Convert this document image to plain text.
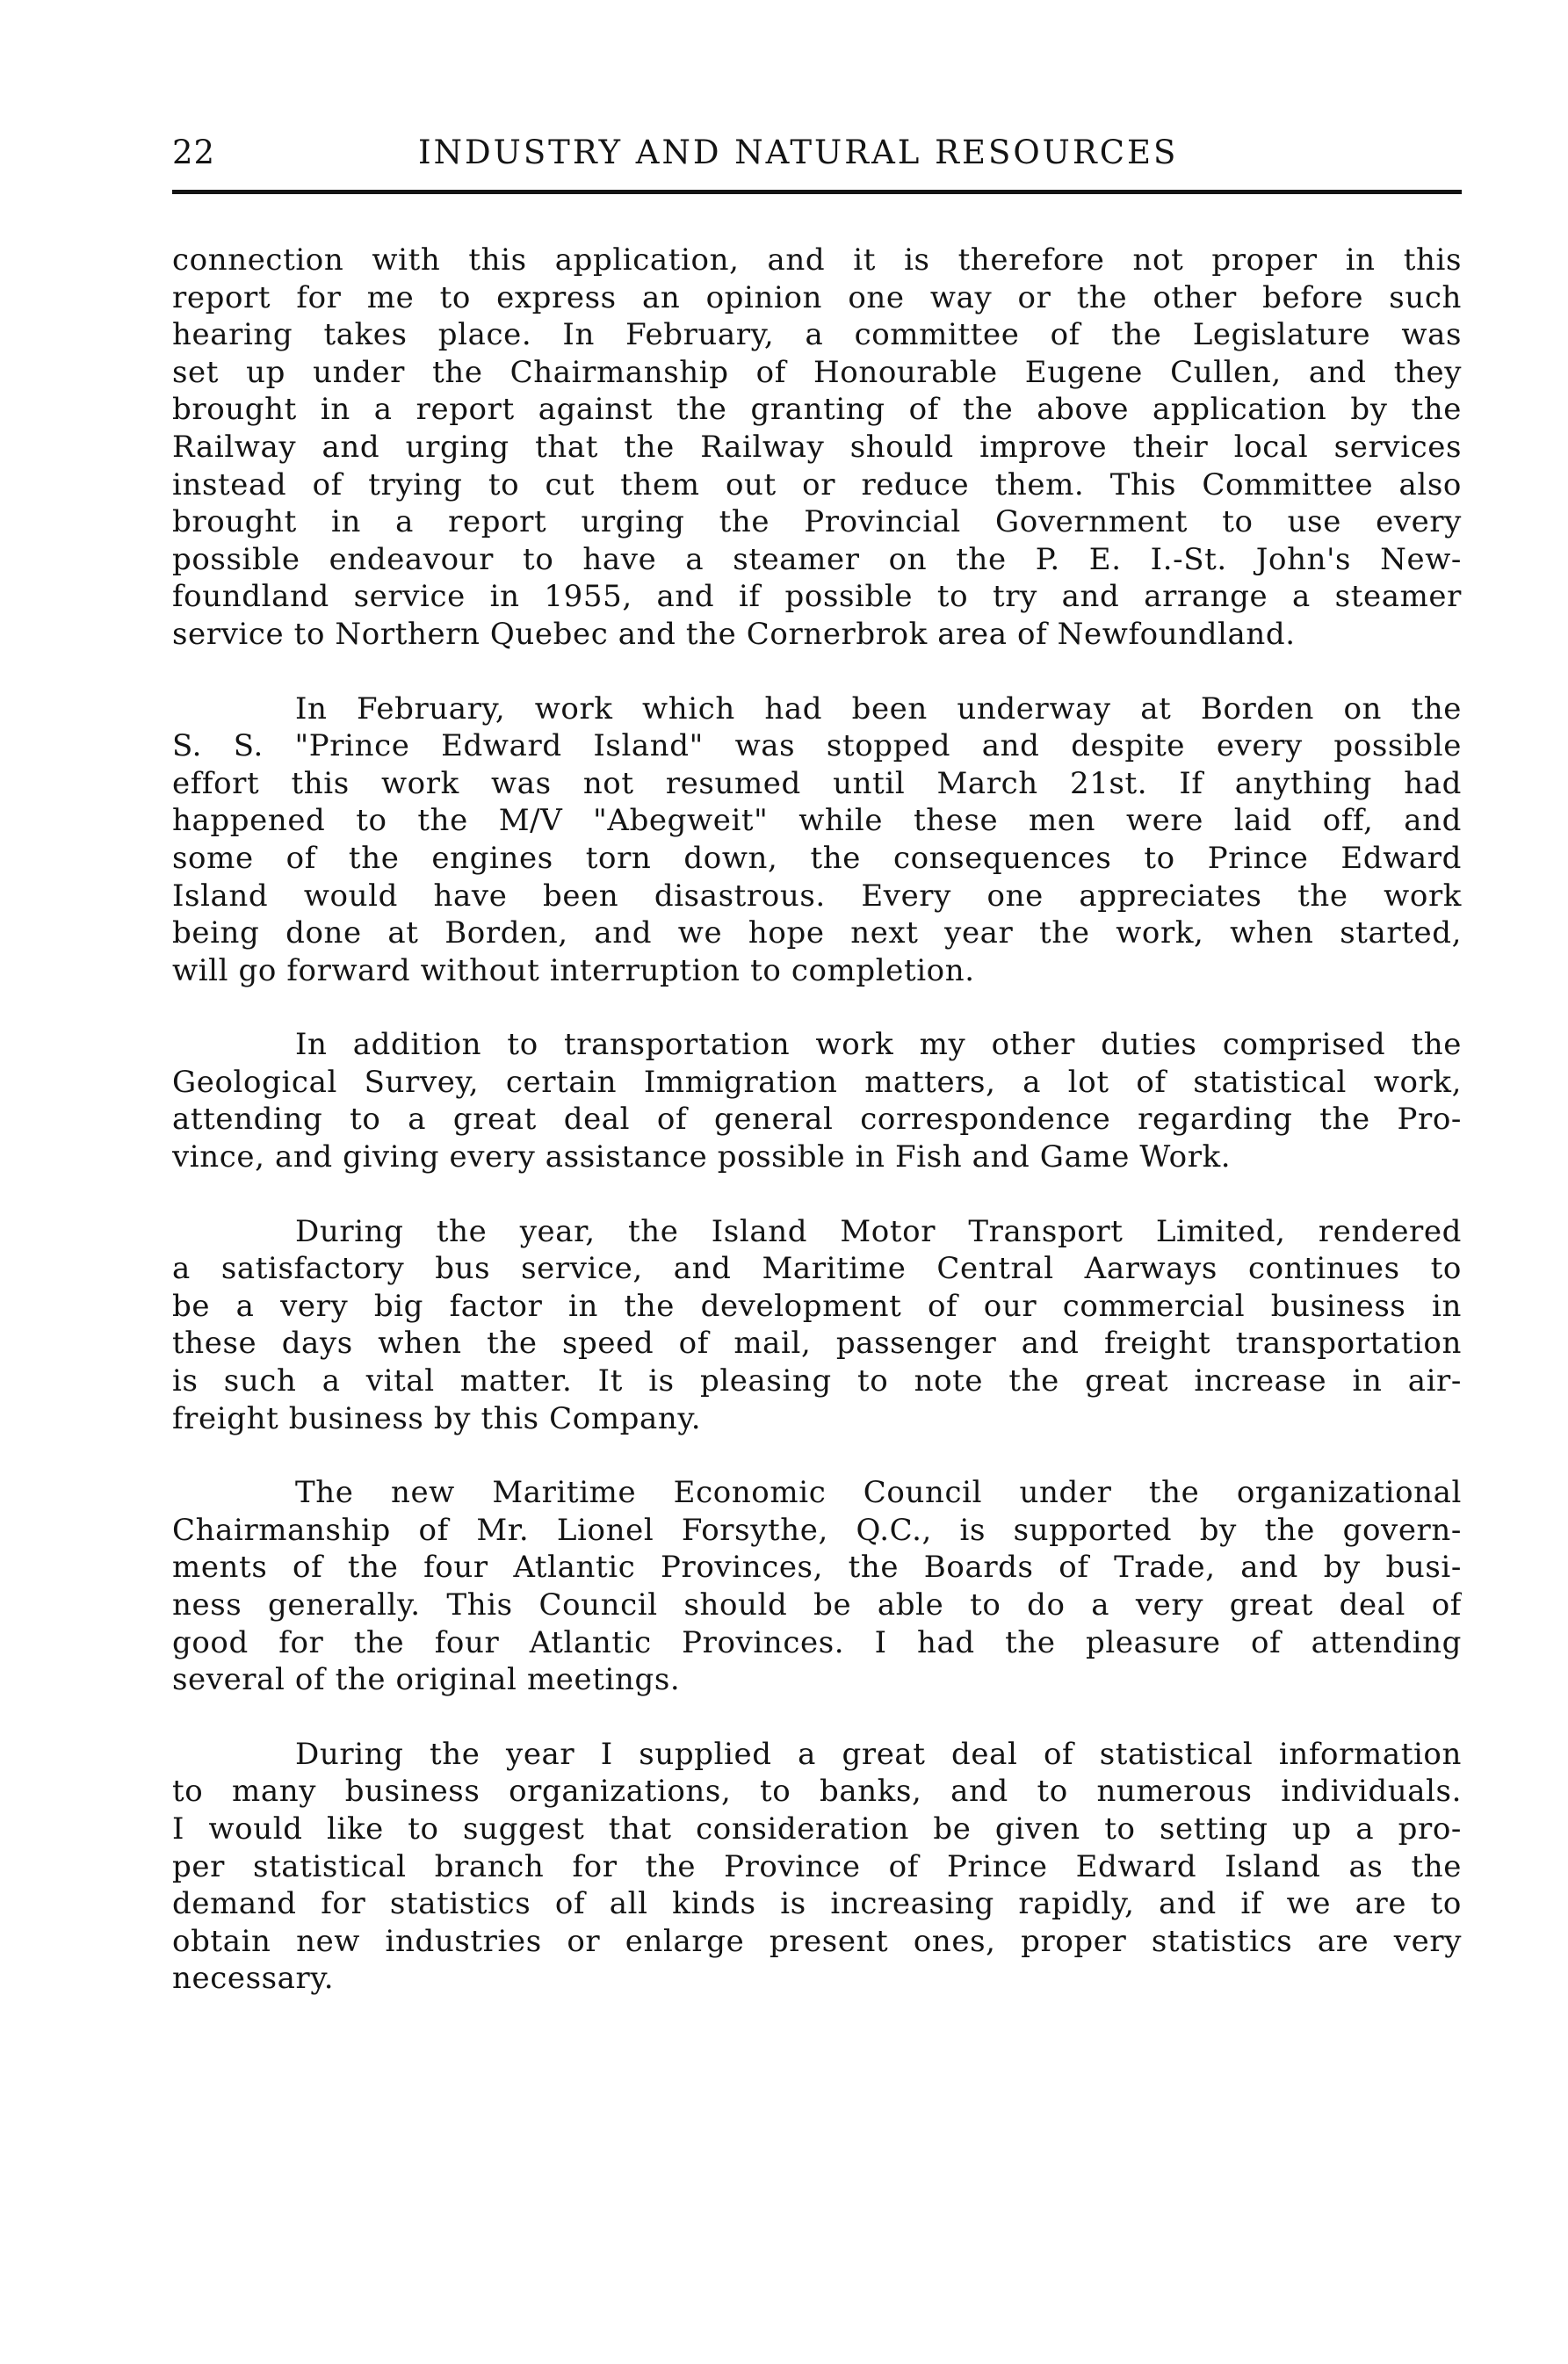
22	INDUSTRY AND NATURAL RESOURCES
connection with this application, and it is therefore not proper in this
report for me to express an opinion one way or the other before such
hearing takes place. In February, a committee of the Legislature was
set up under the Chairmanship of Honourable Eugene Cullen, and they
brought in a report against the granting of the above application by the
Railway and urging that the Railway should improve their local services
instead of trying to cut them out or reduce them. This Committee also
brought in a report urging the Provincial Government to use every
possible endeavour to have a steamer on the P. E. I.-St. John's New-
foundland service in 1955, and if possible to try and arrange a steamer
service to Northern Quebec and the Cornerbrok area of Newfoundland.
In February, work which had been underway at Borden on the
S. S. "Prince Edward Island" was stopped and despite every possible
effort this work was not resumed until March 21st. If anything had
happened to the M/V "Abegweit" while these men were laid off, and
some of the engines torn down, the consequences to Prince Edward
Island would have been disastrous. Every one appreciates the work
being done at Borden, and we hope next year the work, when started,
will go forward without interruption to completion.
In addition to transportation work my other duties comprised the
Geological Survey, certain Immigration matters, a lot of statistical work,
attending to a great deal of general correspondence regarding the Pro-
vince, and giving every assistance possible in Fish and Game Work.
During the year, the Island Motor Transport Limited, rendered
a satisfactory bus service, and Maritime Central Aarways continues to
be a very big factor in the development of our commercial business in
these days when the speed of mail, passenger and freight transportation
is such a vital matter. It is pleasing to note the great increase in air-
freight business by this Company.
The new Maritime Economic Council under the organizational
Chairmanship of Mr. Lionel Forsythe, Q.C., is supported by the govern-
ments of the four Atlantic Provinces, the Boards of Trade, and by busi-
ness generally. This Council should be able to do a very great deal of
good for the four Atlantic Provinces. I had the pleasure of attending
several of the original meetings.
During the year I supplied a great deal of statistical information
to many business organizations, to banks, and to numerous individuals.
I would like to suggest that consideration be given to setting up a pro-
per statistical branch for the Province of Prince Edward Island as the
demand for statistics of all kinds is increasing rapidly, and if we are to
obtain new industries or enlarge present ones, proper statistics are very
necessary.
